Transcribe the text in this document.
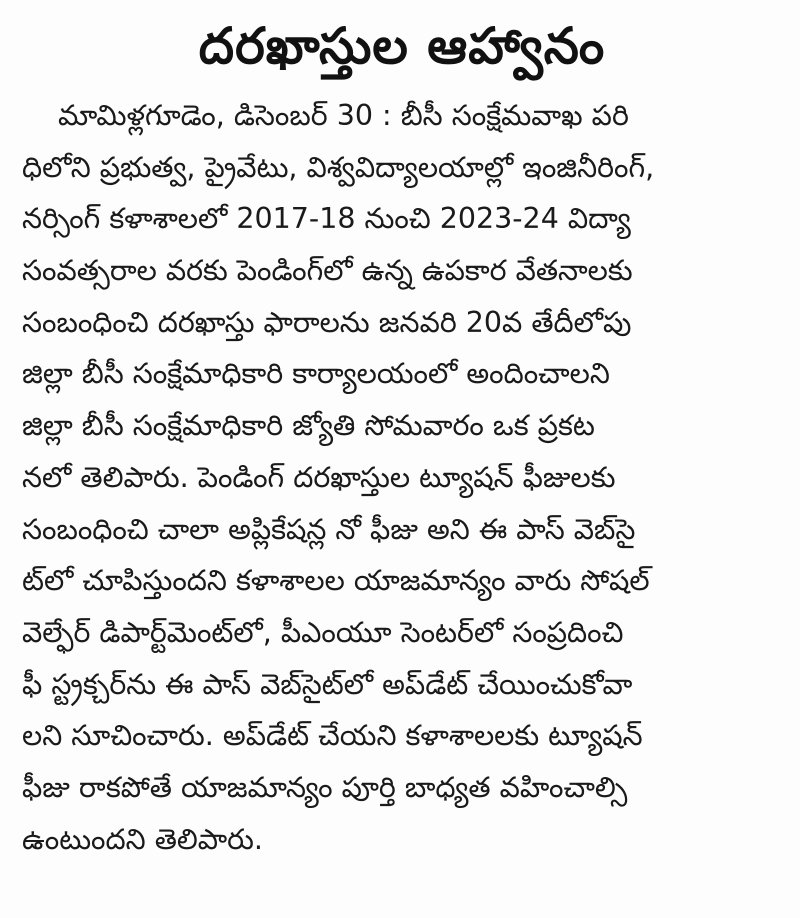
దరఖాస్తుల ఆహ్వానం
మామిళ్లగూడెం, డిసెంబర్ 30 : బీసీ సంక్షేమవాఖ పరి
ధిలోని ప్రభుత్వ, ప్రైవేటు, విశ్వవిద్యాలయాల్లో ఇంజినీరింగ్,
నర్సింగ్ కళాశాలలో 2017-18 నుంచి 2023-24 విద్యా
సంవత్సరాల వరకు పెండింగ్‌లో ఉన్న ఉపకార వేతనాలకు
సంబంధించి దరఖాస్తు ఫారాలను జనవరి 20వ తేదీలోపు
జిల్లా బీసీ సంక్షేమాధికారి కార్యాలయంలో అందించాలని
జిల్లా బీసీ సంక్షేమాధికారి జ్యోతి సోమవారం ఒక ప్రకట
నలో తెలిపారు. పెండింగ్ దరఖాస్తుల ట్యూషన్ ఫీజులకు
సంబంధించి చాలా అప్లికేషన్ల నో ఫీజు అని ఈ పాస్ వెబ్‌సై
ట్‌లో చూపిస్తుందని కళాశాలల యాజమాన్యం వారు సోషల్
వెల్ఫేర్ డిపార్ట్‌మెంట్‌లో, పీఎంయూ సెంటర్‌లో సంప్రదించి
ఫీ స్ట్రక్చర్‌ను ఈ పాస్ వెబ్‌సైట్‌లో అప్‌డేట్ చేయించుకోవా
లని సూచించారు. అప్‌డేట్ చేయని కళాశాలలకు ట్యూషన్
ఫీజు రాకపోతే యాజమాన్యం పూర్తి బాధ్యత వహించాల్సి
ఉంటుందని తెలిపారు.
